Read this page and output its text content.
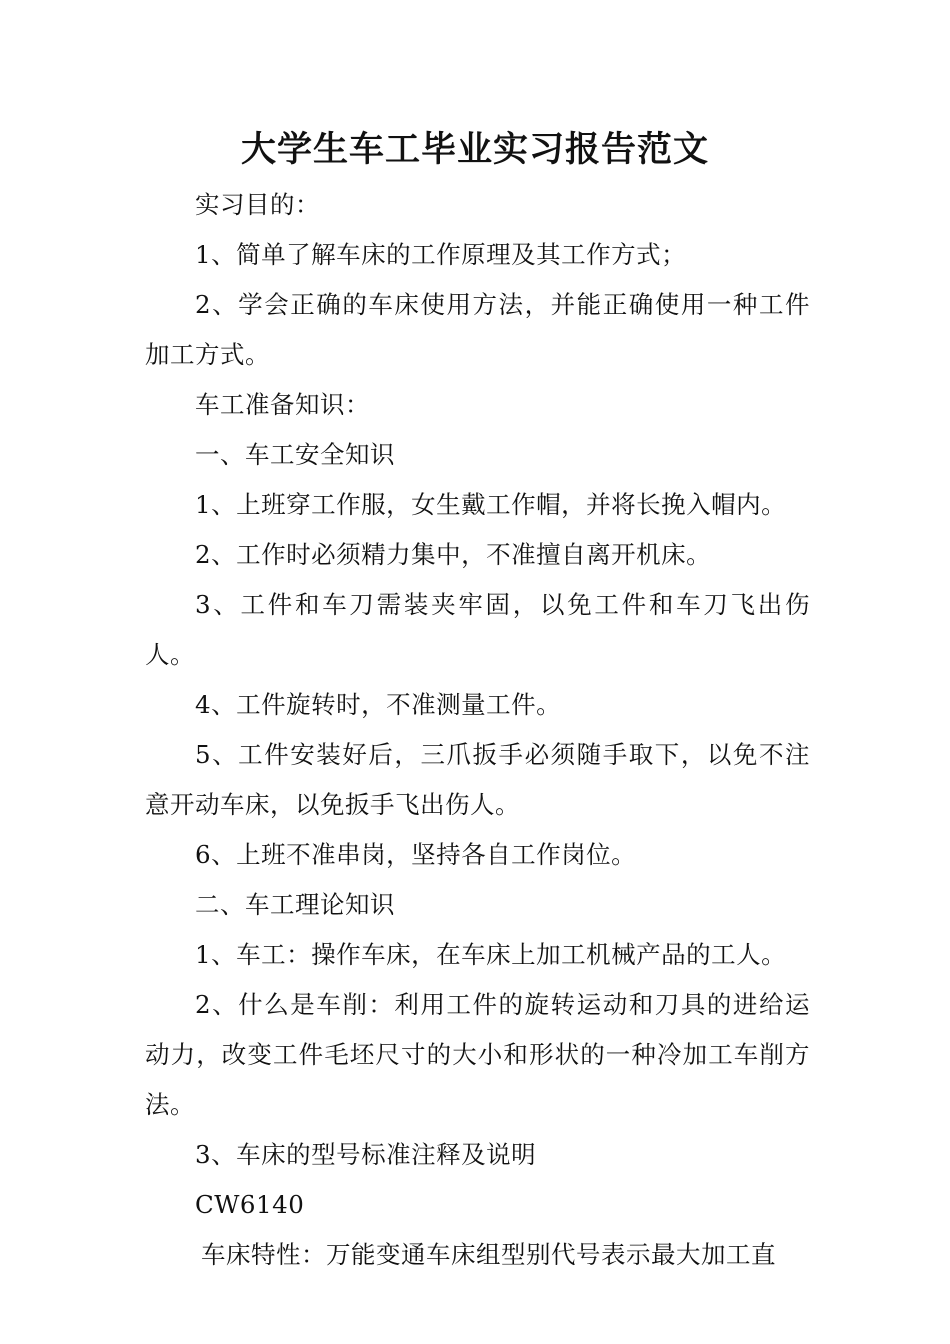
大学生车工毕业实习报告范文

实习目的：

1、简单了解车床的工作原理及其工作方式；

2、学会正确的车床使用方法，并能正确使用一种工件加工方式。

车工准备知识：

一、车工安全知识

1、上班穿工作服，女生戴工作帽，并将长挽入帽内。

2、工作时必须精力集中，不准擅自离开机床。

3、工件和车刀需装夹牢固，以免工件和车刀飞出伤人。

4、工件旋转时，不准测量工件。

5、工件安装好后，三爪扳手必须随手取下，以免不注意开动车床，以免扳手飞出伤人。

6、上班不准串岗，坚持各自工作岗位。

二、车工理论知识

1、车工：操作车床，在车床上加工机械产品的工人。

2、什么是车削：利用工件的旋转运动和刀具的进给运动力，改变工件毛坯尺寸的大小和形状的一种冷加工车削方法。

3、车床的型号标准注释及说明

CW6140

车床特性：万能变通车床组型别代号表示最大加工直
